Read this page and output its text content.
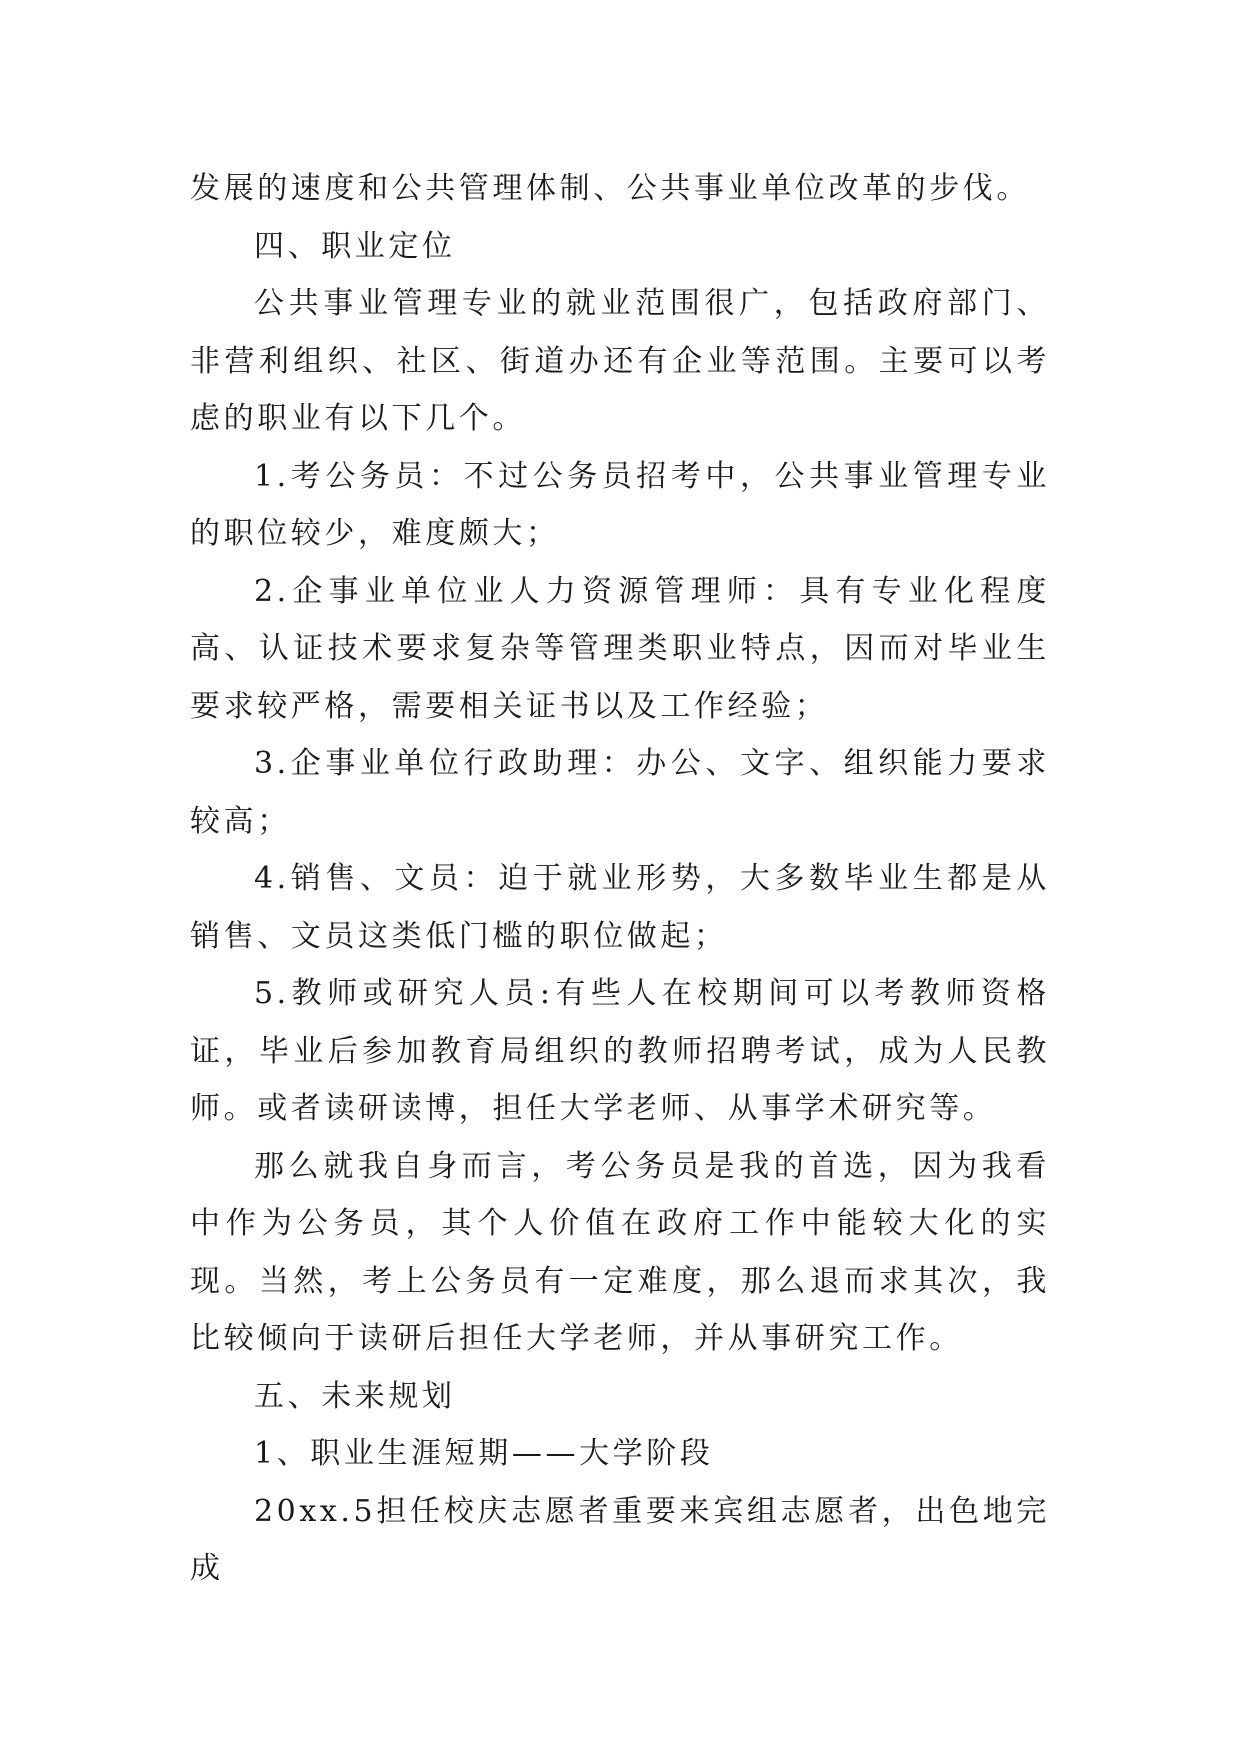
发展的速度和公共管理体制、公共事业单位改革的步伐。

四、职业定位

公共事业管理专业的就业范围很广，包括政府部门、非营利组织、社区、街道办还有企业等范围。主要可以考虑的职业有以下几个。

1.考公务员：不过公务员招考中，公共事业管理专业的职位较少，难度颇大；

2.企事业单位业人力资源管理师：具有专业化程度高、认证技术要求复杂等管理类职业特点，因而对毕业生要求较严格，需要相关证书以及工作经验；

3.企事业单位行政助理：办公、文字、组织能力要求较高；

4.销售、文员：迫于就业形势，大多数毕业生都是从销售、文员这类低门槛的职位做起；

5.教师或研究人员:有些人在校期间可以考教师资格证，毕业后参加教育局组织的教师招聘考试，成为人民教师。或者读研读博，担任大学老师、从事学术研究等。

那么就我自身而言，考公务员是我的首选，因为我看中作为公务员，其个人价值在政府工作中能较大化的实现。当然，考上公务员有一定难度，那么退而求其次，我比较倾向于读研后担任大学老师，并从事研究工作。

五、未来规划

1、职业生涯短期——大学阶段

20xx.5担任校庆志愿者重要来宾组志愿者，出色地完成
